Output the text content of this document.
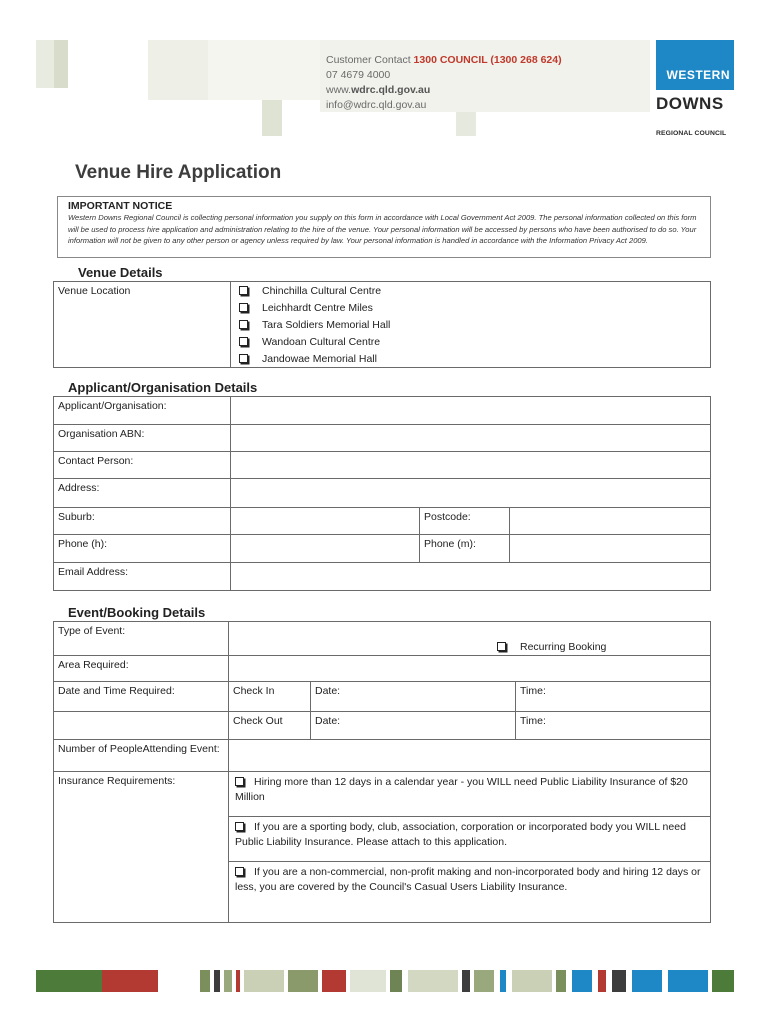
Customer Contact 1300 COUNCIL (1300 268 624)
07 4679 4000
www.wdrc.qld.gov.au
info@wdrc.qld.gov.au
WESTERN
DOWNS
REGIONAL COUNCIL
Venue Hire Application
IMPORTANT NOTICE

Western Downs Regional Council is collecting personal information you supply on this form in accordance with Local Government Act 2009. The personal information collected on this form will be used to process hire application and administration relating to the hire of the venue. Your personal information will be accessed by persons who have been authorised to do so. Your information will not be given to any other person or agency unless required by law. Your personal information is handled in accordance with the Information Privacy Act 2009.

Venue Details
Venue Location	Chinchilla Cultural Centre
Leichhardt Centre Miles
Tara Soldiers Memorial Hall
Wandoan Cultural Centre
Jandowae Memorial Hall
Applicant/Organisation Details
Applicant/Organisation:
Organisation ABN:
Contact Person:
Address:
Suburb:	Postcode:
Phone (h):	Phone (m):
Email Address:
Event/Booking Details
Type of Event:
Recurring Booking
Area Required:
Date and Time Required:	Check In	Date:	Time:
Check Out	Date:	Time:
Number of PeopleAttending Event:
Insurance Requirements:	Hiring more than 12 days in a calendar year - you WILL need Public Liability Insurance of $20 Million
If you are a sporting body, club, association, corporation or incorporated body you WILL need Public Liability Insurance. Please attach to this application.
If you are a non-commercial, non-profit making and non-incorporated body and hiring 12 days or less, you are covered by the Council's Casual Users Liability Insurance.
